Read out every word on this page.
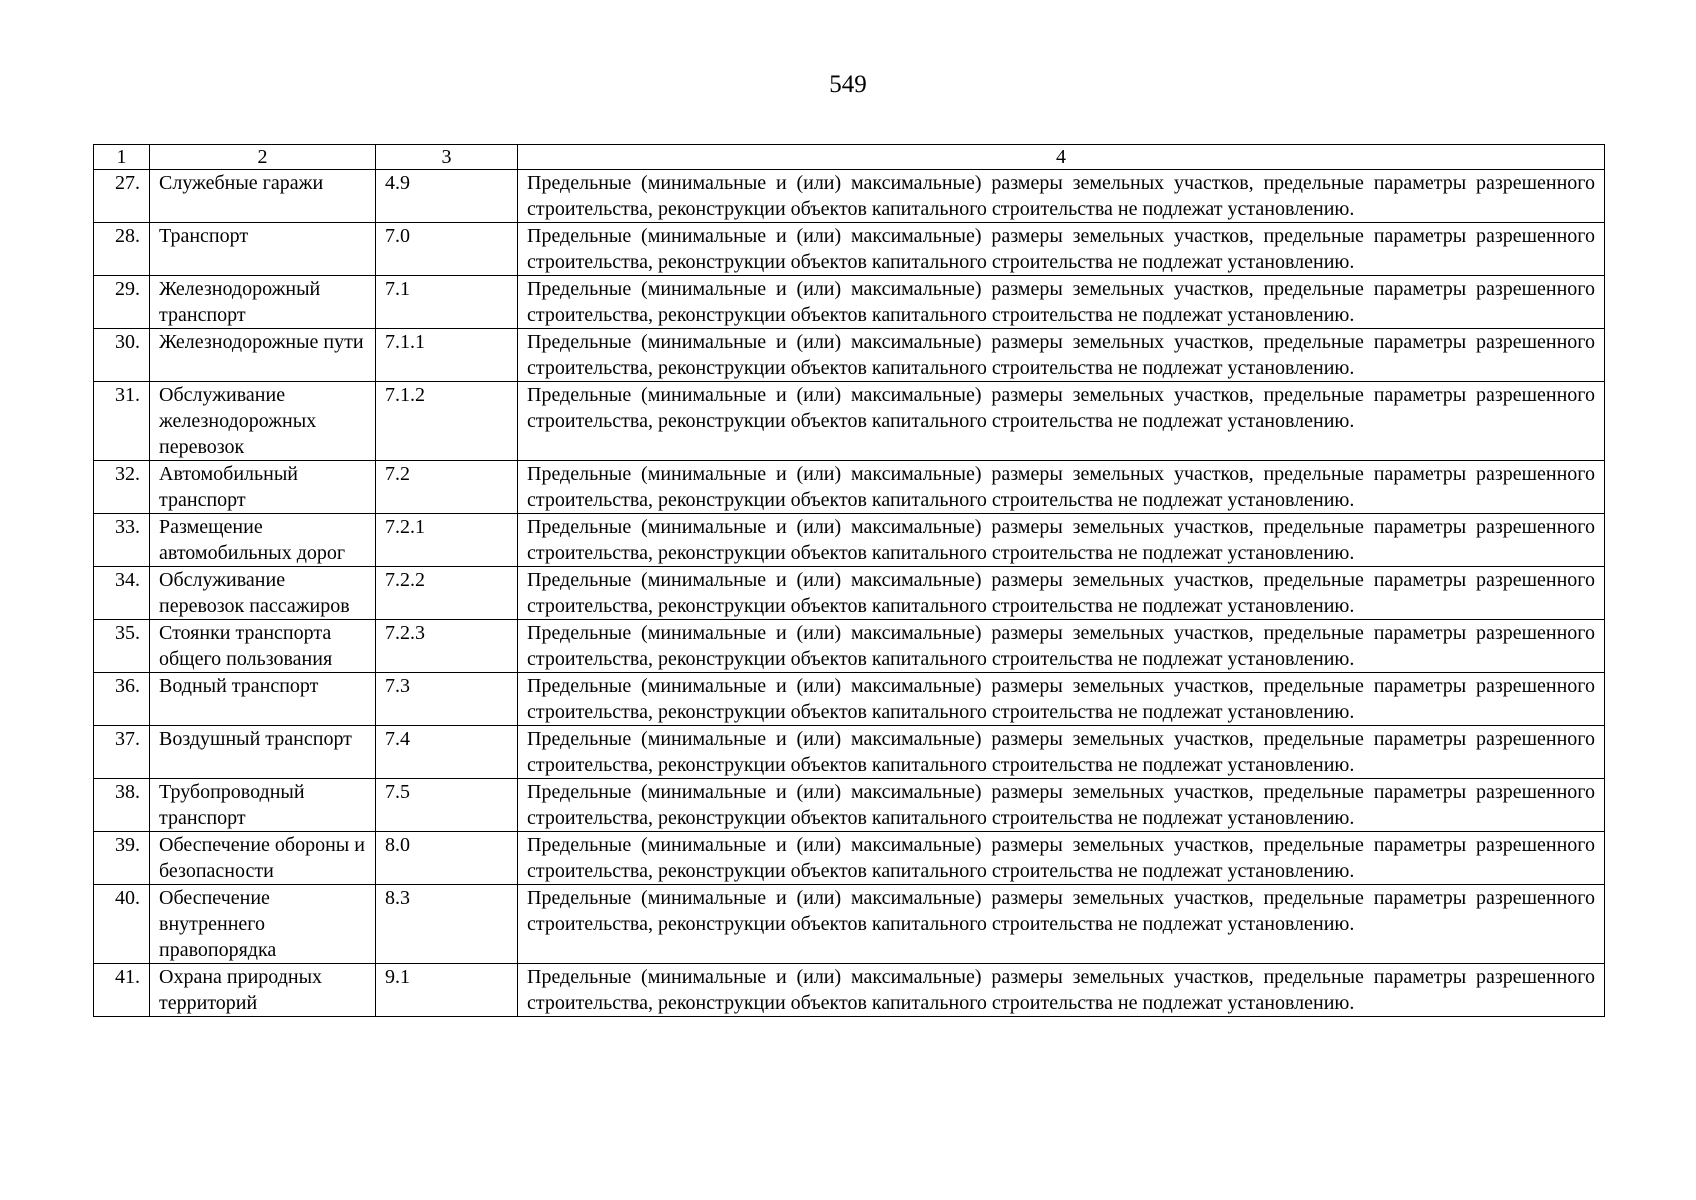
549
1	2	3	4
27.	Служебные гаражи	4.9	Предельные (минимальные и (или) максимальные) размеры земельных участков, предельные параметры разрешенного строительства, реконструкции объектов капитального строительства не подлежат установлению.
28.	Транспорт	7.0	Предельные (минимальные и (или) максимальные) размеры земельных участков, предельные параметры разрешенного строительства, реконструкции объектов капитального строительства не подлежат установлению.
29.	Железнодорожный транспорт	7.1	Предельные (минимальные и (или) максимальные) размеры земельных участков, предельные параметры разрешенного строительства, реконструкции объектов капитального строительства не подлежат установлению.
30.	Железнодорожные пути	7.1.1	Предельные (минимальные и (или) максимальные) размеры земельных участков, предельные параметры разрешенного строительства, реконструкции объектов капитального строительства не подлежат установлению.
31.	Обслуживание железнодорожных перевозок	7.1.2	Предельные (минимальные и (или) максимальные) размеры земельных участков, предельные параметры разрешенного строительства, реконструкции объектов капитального строительства не подлежат установлению.
32.	Автомобильный транспорт	7.2	Предельные (минимальные и (или) максимальные) размеры земельных участков, предельные параметры разрешенного строительства, реконструкции объектов капитального строительства не подлежат установлению.
33.	Размещение автомобильных дорог	7.2.1	Предельные (минимальные и (или) максимальные) размеры земельных участков, предельные параметры разрешенного строительства, реконструкции объектов капитального строительства не подлежат установлению.
34.	Обслуживание перевозок пассажиров	7.2.2	Предельные (минимальные и (или) максимальные) размеры земельных участков, предельные параметры разрешенного строительства, реконструкции объектов капитального строительства не подлежат установлению.
35.	Стоянки транспорта общего пользования	7.2.3	Предельные (минимальные и (или) максимальные) размеры земельных участков, предельные параметры разрешенного строительства, реконструкции объектов капитального строительства не подлежат установлению.
36.	Водный транспорт	7.3	Предельные (минимальные и (или) максимальные) размеры земельных участков, предельные параметры разрешенного строительства, реконструкции объектов капитального строительства не подлежат установлению.
37.	Воздушный транспорт	7.4	Предельные (минимальные и (или) максимальные) размеры земельных участков, предельные параметры разрешенного строительства, реконструкции объектов капитального строительства не подлежат установлению.
38.	Трубопроводный транспорт	7.5	Предельные (минимальные и (или) максимальные) размеры земельных участков, предельные параметры разрешенного строительства, реконструкции объектов капитального строительства не подлежат установлению.
39.	Обеспечение обороны и безопасности	8.0	Предельные (минимальные и (или) максимальные) размеры земельных участков, предельные параметры разрешенного строительства, реконструкции объектов капитального строительства не подлежат установлению.
40.	Обеспечение внутреннего правопорядка	8.3	Предельные (минимальные и (или) максимальные) размеры земельных участков, предельные параметры разрешенного строительства, реконструкции объектов капитального строительства не подлежат установлению.
41.	Охрана природных территорий	9.1	Предельные (минимальные и (или) максимальные) размеры земельных участков, предельные параметры разрешенного строительства, реконструкции объектов капитального строительства не подлежат установлению.
